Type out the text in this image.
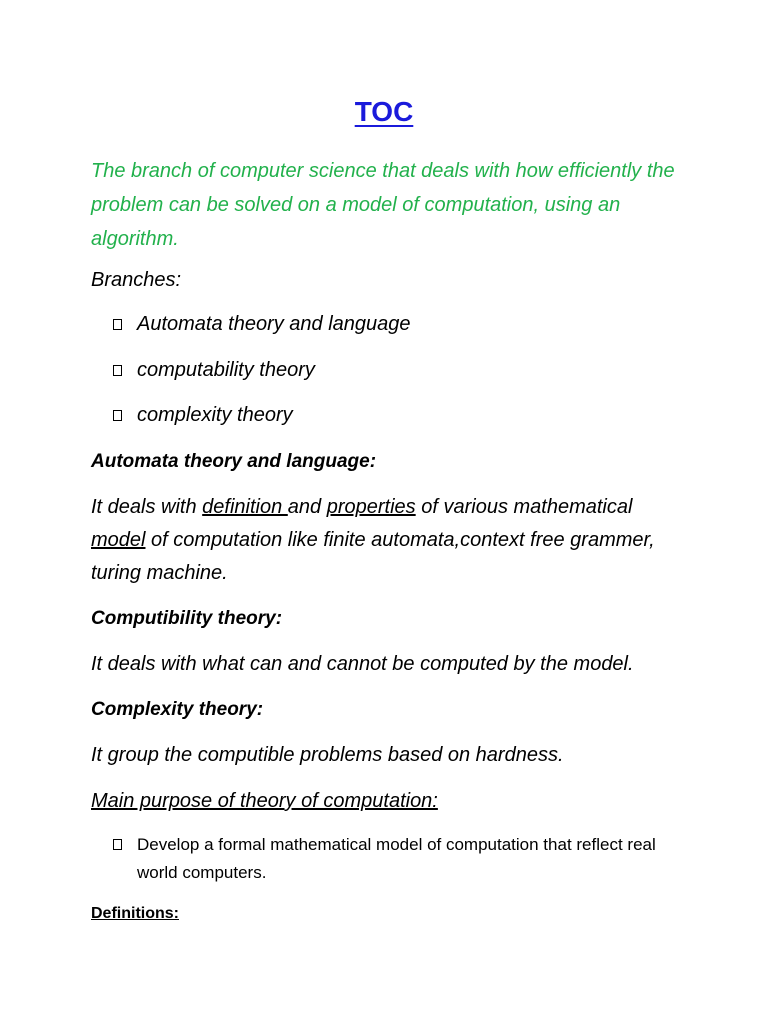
TOC
The branch of computer science that deals with how efficiently the problem can be solved on a model of computation, using an algorithm.
Branches:
Automata theory and language
computability theory
complexity theory
Automata theory and language:

It deals with definition and properties of various mathematical model of computation like finite automata,context free grammer, turing machine.

Computibility theory:
It deals with what can and cannot be computed by the model.
Complexity theory:
It group the computible problems based on hardness.
Main purpose of theory of computation:
Develop a formal mathematical model of computation that reflect real world computers.
Definitions:
